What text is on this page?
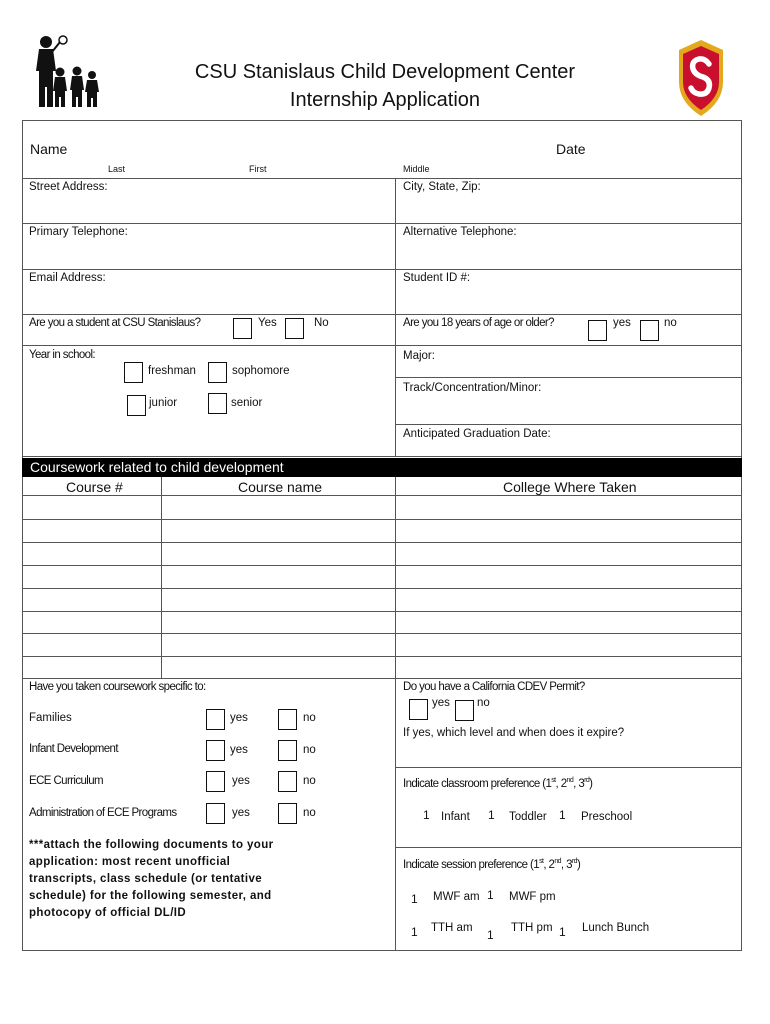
CSU Stanislaus Child Development Center
Internship Application
Name	Date
Last	First	Middle
Street Address:	City, State, Zip:
Primary Telephone:	Alternative Telephone:
Email Address:	Student ID #:
Are you a student at CSU Stanislaus?	Yes	No	Are you 18 years of age or older?	yes	no
Year in school:
freshman	sophomore
junior	senior
Major:
Track/Concentration/Minor:
Anticipated Graduation Date:
Coursework related to child development
Course #	Course name	College Where Taken
Have you taken coursework specific to:
Families	yes	no
Infant Development	yes	no
ECE Curriculum	yes	no
Administration of ECE Programs	yes	no
***attach the following documents to your application: most recent unofficial transcripts, class schedule (or tentative schedule) for the following semester, and photocopy of official DL/ID
Do you have a California CDEV Permit?
yes no
If yes, which level and when does it expire?
Indicate classroom preference (1st, 2nd, 3rd)
1 Infant 1 Toddler 1 Preschool
Indicate session preference (1st, 2nd, 3rd)
1 MWF am 1 MWF pm
1 TTH am 1 TTH pm 1 Lunch Bunch
